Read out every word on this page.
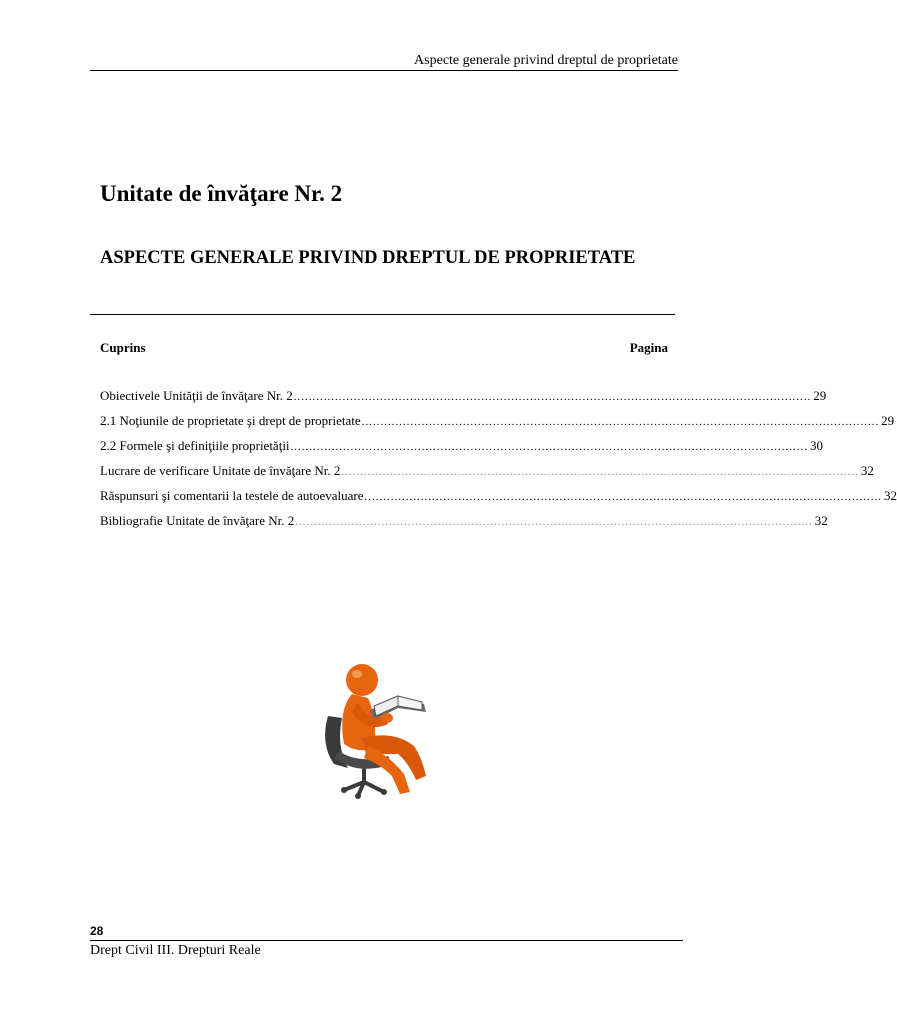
Aspecte generale privind dreptul de proprietate
Unitate de învăţare Nr. 2
ASPECTE GENERALE PRIVIND DREPTUL DE PROPRIETATE
Cuprins	Pagina
Obiectivele Unităţii de învăţare Nr. 2 .......................................................................................................................................... 29
2.1 Noţiunile de proprietate şi drept de proprietate .......................................................................................................................................... 29
2.2 Formele şi definiţiile proprietăţii .......................................................................................................................................... 30
Lucrare de verificare Unitate de învăţare Nr. 2 .......................................................................................................................................... 32
Răspunsuri şi comentarii la testele de autoevaluare .......................................................................................................................................... 32
Bibliografie Unitate de învăţare Nr. 2 .......................................................................................................................................... 32
28
Drept Civil III. Drepturi Reale
